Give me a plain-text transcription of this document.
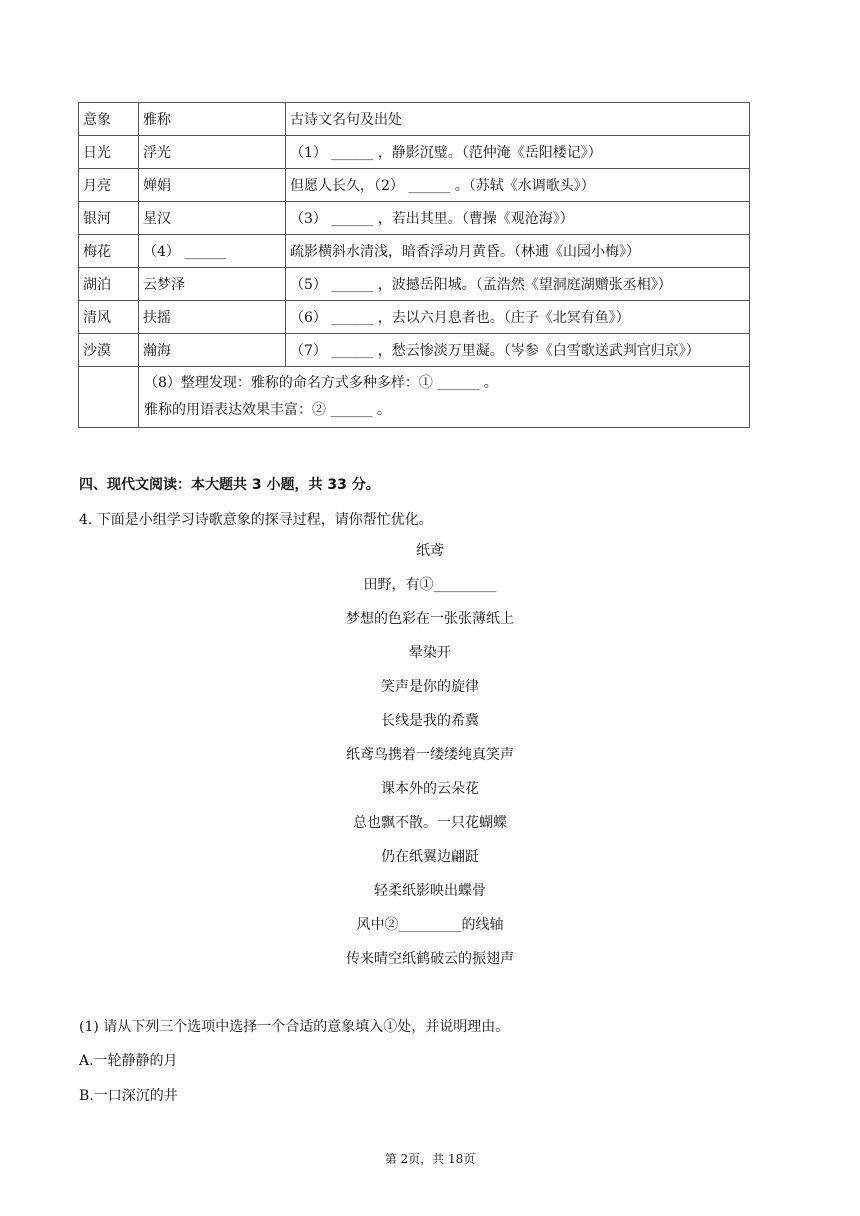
意象	雅称	古诗文名句及出处
日光	浮光	（1） ______ ，静影沉璧。（范仲淹《岳阳楼记》）
月亮	婵娟	但愿人长久，（2） ______ 。（苏轼《水调歌头》）
银河	星汉	（3） ______ ，若出其里。（曹操《观沧海》）
梅花	（4） ______	疏影横斜水清浅，暗香浮动月黄昏。（林逋《山园小梅》）
湖泊	云梦泽	（5） ______ ，波撼岳阳城。（孟浩然《望洞庭湖赠张丞相》）
清风	扶摇	（6） ______ ，去以六月息者也。（庄子《北冥有鱼》）
沙漠	瀚海	（7） ______ ，愁云惨淡万里凝。（岑参《白雪歌送武判官归京》）

	（8）整理发现：雅称的命名方式多种多样：① ______ 。
雅称的用语表达效果丰富：② ______ 。	
四、现代文阅读：本大题共 3 小题，共 33 分。
4. 下面是小组学习诗歌意象的探寻过程，请你帮忙优化。
纸鸢
田野，有①_________
梦想的色彩在一张张薄纸上
晕染开
笑声是你的旋律
长线是我的希冀
纸鸢鸟携着一缕缕纯真笑声
课本外的云朵花
总也飘不散。一只花蝴蝶
仍在纸翼边翩跹
轻柔纸影映出蝶骨
风中②_________的线轴
传来晴空纸鹤破云的振翅声
(1) 请从下列三个选项中选择一个合适的意象填入①处，并说明理由。
A.一轮静静的月
B.一口深沉的井
第 2页，共 18页
